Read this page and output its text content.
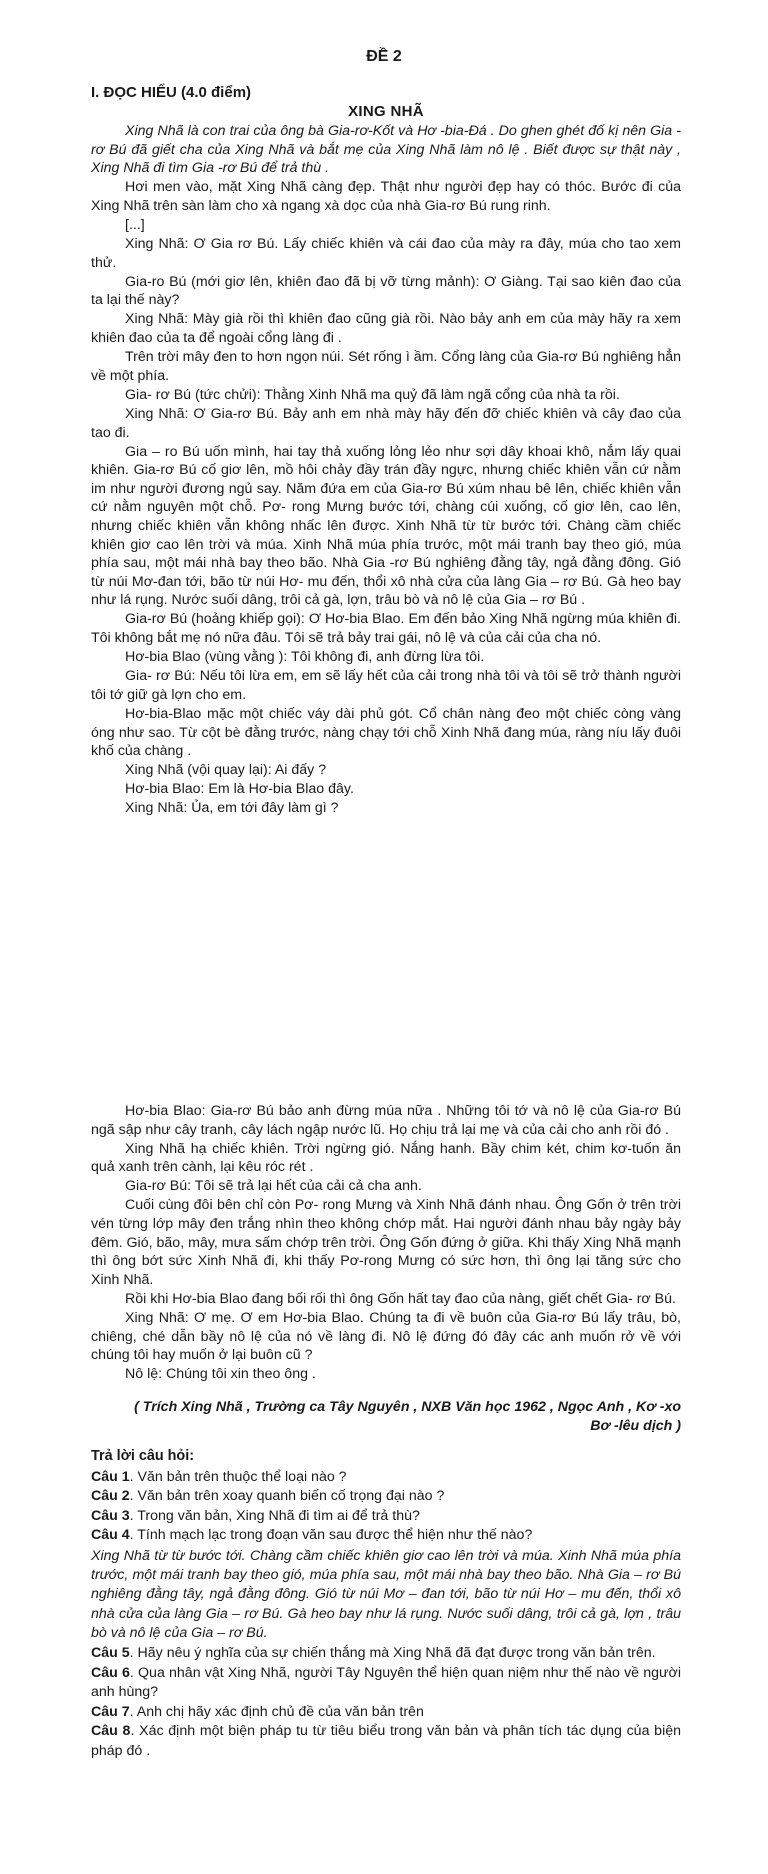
ĐỀ 2
I. ĐỌC HIỂU (4.0 điểm)
XING NHÃ

Xing Nhã là con trai của ông bà Gia-rơ-Kốt và Hơ -bia-Đá . Do ghen ghét đố kị nên Gia -rơ Bú đã giết cha của Xing Nhã và bắt mẹ của Xing Nhã làm nô lệ . Biết được sự thật này , Xing Nhã đi tìm Gia -rơ Bú để trả thù .

Hơi men vào, mặt Xing Nhã càng đẹp. Thật như người đẹp hay có thóc. Bước đi của Xing Nhã trên sàn làm cho xà ngang xà dọc của nhà Gia-rơ Bú rung rinh.

[...]

Xing Nhã: Ơ Gia rơ Bú. Lấy chiếc khiên và cái đao của mày ra đây, múa cho tao xem thử.

Gia-ro Bú (mới giơ lên, khiên đao đã bị vỡ từng mảnh): Ơ Giàng. Tại sao kiên đao của ta lại thế này?

Xing Nhã: Mày già rồi thì khiên đao cũng già rồi. Nào bảy anh em của mày hãy ra xem khiên đao của ta để ngoài cổng làng đi .

Trên trời mây đen to hơn ngọn núi. Sét rống ì ầm. Cổng làng của Gia-rơ Bú nghiêng hẳn về một phía.

Gia- rơ Bú (tức chửi): Thằng Xinh Nhã ma quỷ đã làm ngã cổng của nhà ta rồi.

Xing Nhã: Ơ Gia-rơ Bú. Bảy anh em nhà mày hãy đến đỡ chiếc khiên và cây đao của tao đi.

Gia – ro Bú uốn mình, hai tay thả xuống lỏng lẻo như sợi dây khoai khô, nắm lấy quai khiên. Gia-rơ Bú cố giơ lên, mồ hôi chảy đầy trán đầy ngực, nhưng chiếc khiên vẫn cứ nằm im như người đương ngủ say. Năm đứa em của Gia-rơ Bú xúm nhau bê lên, chiếc khiên vẫn cứ nằm nguyên một chỗ. Pơ- rong Mưng bước tới, chàng cúi xuống, cố giơ lên, cao lên, nhưng chiếc khiên vẫn không nhấc lên được. Xinh Nhã từ từ bước tới. Chàng cầm chiếc khiên giơ cao lên trời và múa. Xinh Nhã múa phía trước, một mái tranh bay theo gió, múa phía sau, một mái nhà bay theo bão. Nhà Gia -rơ Bú nghiêng đằng tây, ngả đằng đông. Gió từ núi Mơ-đan tới, bão từ núi Hơ- mu đến, thổi xô nhà cửa của làng Gia – rơ Bú. Gà heo bay như lá rụng. Nước suối dâng, trôi cả gà, lợn, trâu bò và nô lệ của Gia – rơ Bú .

Gia-rơ Bú (hoảng khiếp gọi): Ơ Hơ-bia Blao. Em đến bảo Xing Nhã ngừng múa khiên đi. Tôi không bắt mẹ nó nữa đâu. Tôi sẽ trả bảy trai gái, nô lệ và của cải của cha nó.

Hơ-bia Blao (vùng vằng ): Tôi không đi, anh đừng lừa tôi.

Gia- rơ Bú: Nếu tôi lừa em, em sẽ lấy hết của cải trong nhà tôi và tôi sẽ trở thành người tôi tớ giữ gà lợn cho em.

Hơ-bia-Blao mặc một chiếc váy dài phủ gót. Cổ chân nàng đeo một chiếc còng vàng óng như sao. Từ cột bè đằng trước, nàng chạy tới chỗ Xinh Nhã đang múa, ràng níu lấy đuôi khố của chàng .

Xing Nhã (vội quay lại): Ai đấy ?

Hơ-bia Blao: Em là Hơ-bia Blao đây.

Xing Nhã: Ủa, em tới đây làm gì ?

Hơ-bia Blao: Gia-rơ Bú bảo anh đừng múa nữa . Những tôi tớ và nô lệ của Gia-rơ Bú ngã sập như cây tranh, cây lách ngập nước lũ. Họ chịu trả lại mẹ và của cải cho anh rồi đó .

Xing Nhã hạ chiếc khiên. Trời ngừng gió. Nắng hanh. Bầy chim két, chim kơ-tuốn ăn quả xanh trên cành, lại kêu róc rét .

Gia-rơ Bú: Tôi sẽ trả lại hết của cải cả cha anh.

Cuối cùng đôi bên chỉ còn Pơ- rong Mưng và Xinh Nhã đánh nhau. Ông Gốn ở trên trời vén từng lớp mây đen trắng nhìn theo không chớp mắt. Hai người đánh nhau bảy ngày bảy đêm. Gió, bão, mây, mưa sấm chớp trên trời. Ông Gốn đứng ở giữa. Khi thấy Xing Nhã mạnh thì ông bớt sức Xinh Nhã đi, khi thấy Pơ-rong Mưng có sức hơn, thì ông lại tăng sức cho Xinh Nhã.

Rồi khi Hơ-bia Blao đang bối rối thì ông Gốn hất tay đao của nàng, giết chết Gia- rơ Bú.

Xing Nhã: Ơ mẹ. Ơ em Hơ-bia Blao. Chúng ta đi về buôn của Gia-rơ Bú lấy trâu, bò, chiêng, ché dẫn bầy nô lệ của nó về làng đi. Nô lệ đứng đó đây các anh muốn rở về với chúng tôi hay muốn ở lại buôn cũ ?

Nô lệ: Chúng tôi xin theo ông .

( Trích Xing Nhã , Trường ca Tây Nguyên , NXB Văn học 1962 , Ngọc Anh , Kơ -xo Bơ -lêu dịch )

Trả lời câu hỏi:

Câu 1. Văn bản trên thuộc thể loại nào ?

Câu 2. Văn bản trên xoay quanh biến cố trọng đại nào ?

Câu 3. Trong văn bản, Xing Nhã đi tìm ai để trả thù?

Câu 4. Tính mạch lạc trong đoạn văn sau được thể hiện như thế nào?

Xing Nhã từ từ bước tới. Chàng cầm chiếc khiên giơ cao lên trời và múa. Xinh Nhã múa phía trước, một mái tranh bay theo gió, múa phía sau, một mái nhà bay theo bão. Nhà Gia – rơ Bú nghiêng đằng tây, ngả đằng đông. Gió từ núi Mơ – đan tới, bão từ núi Hơ – mu đến, thổi xô nhà cửa của làng Gia – rơ Bú. Gà heo bay như lá rụng. Nước suối dâng, trôi cả gà, lợn , trâu bò và nô lệ của Gia – rơ Bú.

Câu 5. Hãy nêu ý nghĩa của sự chiến thắng mà Xing Nhã đã đạt được trong văn bản trên.

Câu 6. Qua nhân vật Xing Nhã, người Tây Nguyên thể hiện quan niệm như thế nào về người anh hùng?

Câu 7. Anh chị hãy xác định chủ đề của văn bản trên

Câu 8. Xác định một biện pháp tu từ tiêu biểu trong văn bản và phân tích tác dụng của biện pháp đó .
